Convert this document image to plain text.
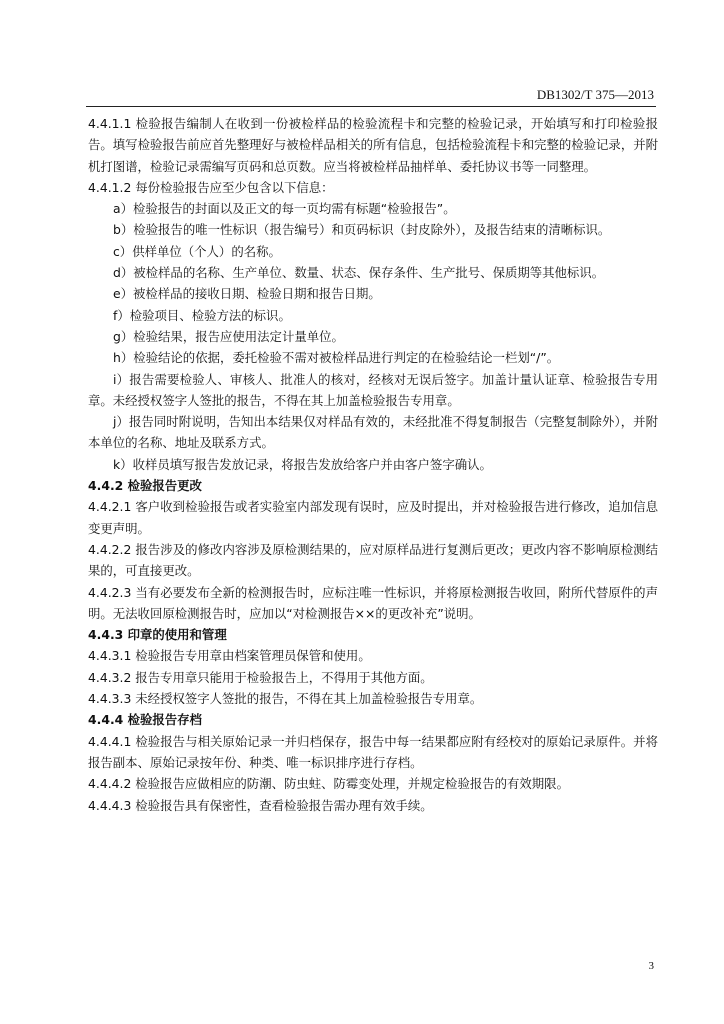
DB1302/T 375—2013

4.4.1.1 检验报告编制人在收到一份被检样品的检验流程卡和完整的检验记录，开始填写和打印检验报告。填写检验报告前应首先整理好与被检样品相关的所有信息，包括检验流程卡和完整的检验记录，并附机打图谱，检验记录需编写页码和总页数。应当将被检样品抽样单、委托协议书等一同整理。

4.4.1.2 每份检验报告应至少包含以下信息：

a）检验报告的封面以及正文的每一页均需有标题“检验报告”。

b）检验报告的唯一性标识（报告编号）和页码标识（封皮除外），及报告结束的清晰标识。

c）供样单位（个人）的名称。

d）被检样品的名称、生产单位、数量、状态、保存条件、生产批号、保质期等其他标识。

e）被检样品的接收日期、检验日期和报告日期。

f）检验项目、检验方法的标识。

g）检验结果，报告应使用法定计量单位。

h）检验结论的依据，委托检验不需对被检样品进行判定的在检验结论一栏划“/”。

i）报告需要检验人、审核人、批准人的核对，经核对无误后签字。加盖计量认证章、检验报告专用章。未经授权签字人签批的报告，不得在其上加盖检验报告专用章。

j）报告同时附说明，告知出本结果仅对样品有效的，未经批准不得复制报告（完整复制除外），并附本单位的名称、地址及联系方式。

k）收样员填写报告发放记录，将报告发放给客户并由客户签字确认。

4.4.2 检验报告更改

4.4.2.1 客户收到检验报告或者实验室内部发现有误时，应及时提出，并对检验报告进行修改，追加信息变更声明。

4.4.2.2 报告涉及的修改内容涉及原检测结果的，应对原样品进行复测后更改；更改内容不影响原检测结果的，可直接更改。

4.4.2.3 当有必要发布全新的检测报告时，应标注唯一性标识，并将原检测报告收回，附所代替原件的声明。无法收回原检测报告时，应加以“对检测报告××的更改补充”说明。

4.4.3 印章的使用和管理

4.4.3.1 检验报告专用章由档案管理员保管和使用。

4.4.3.2 报告专用章只能用于检验报告上，不得用于其他方面。

4.4.3.3 未经授权签字人签批的报告，不得在其上加盖检验报告专用章。

4.4.4 检验报告存档

4.4.4.1 检验报告与相关原始记录一并归档保存，报告中每一结果都应附有经校对的原始记录原件。并将报告副本、原始记录按年份、种类、唯一标识排序进行存档。

4.4.4.2 检验报告应做相应的防潮、防虫蛀、防霉变处理，并规定检验报告的有效期限。

4.4.4.3 检验报告具有保密性，查看检验报告需办理有效手续。

3
